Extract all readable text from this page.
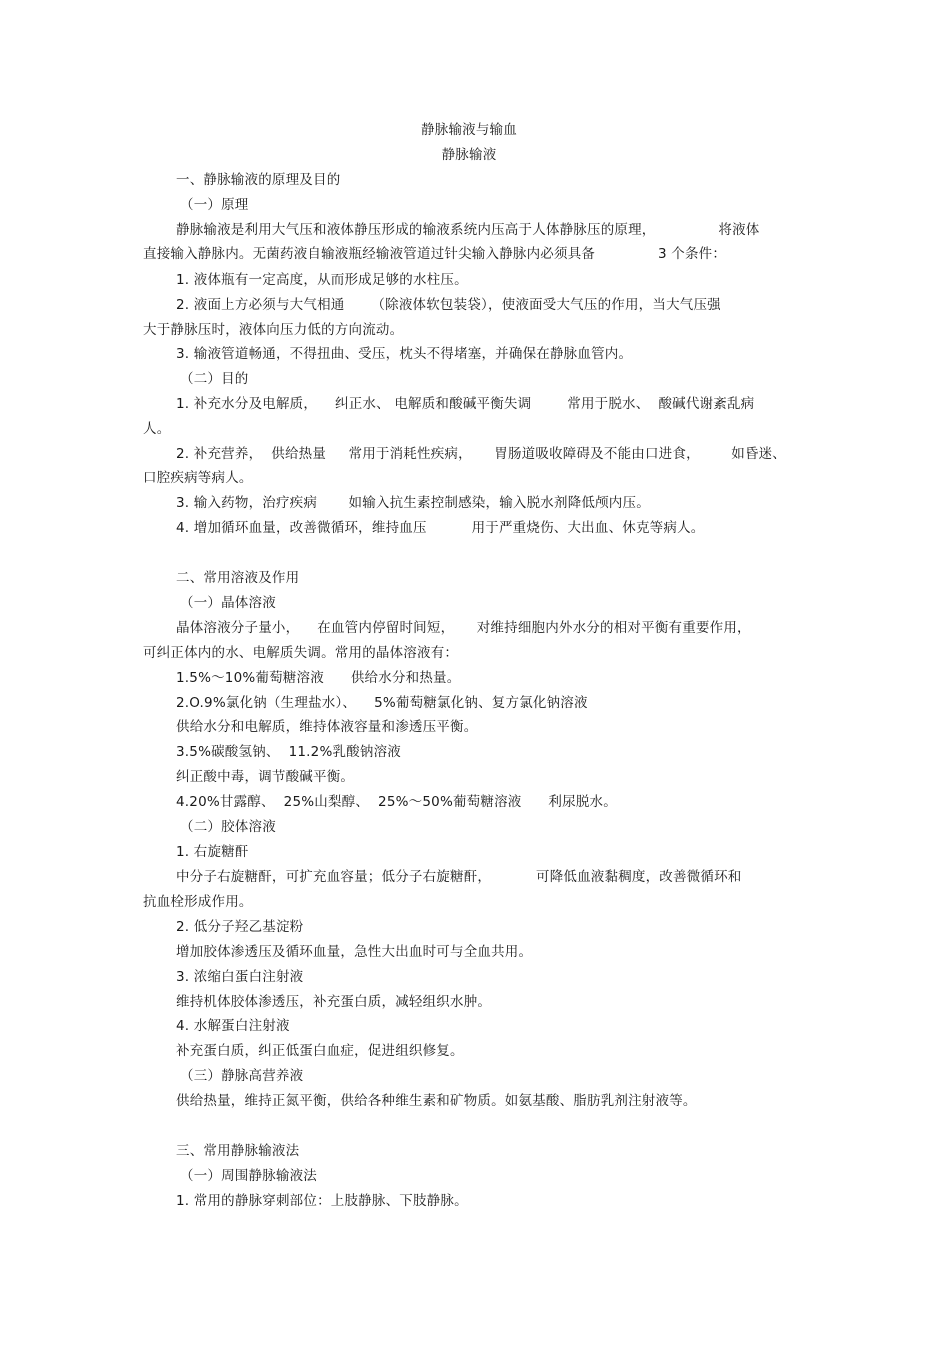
静脉输液与输血
静脉输液
一、静脉输液的原理及目的
（一）原理
静脉输液是利用大气压和液体静压形成的输液系统内压高于人体静脉压的原理，              将液体
直接输入静脉内。无菌药液自输液瓶经输液管道过针尖输入静脉内必须具备              3 个条件：
1. 液体瓶有一定高度，从而形成足够的水柱压。
2. 液面上方必须与大气相通      （除液体软包装袋），使液面受大气压的作用，当大气压强
大于静脉压时，液体向压力低的方向流动。
3. 输液管道畅通，不得扭曲、受压，枕头不得堵塞，并确保在静脉血管内。
（二）目的
1. 补充水分及电解质，    纠正水、 电解质和酸碱平衡失调        常用于脱水、  酸碱代谢紊乱病
人。
2. 补充营养，  供给热量     常用于消耗性疾病，     胃肠道吸收障碍及不能由口进食，       如昏迷、
口腔疾病等病人。
3. 输入药物，治疗疾病       如输入抗生素控制感染，输入脱水剂降低颅内压。
4. 增加循环血量，改善微循环，维持血压          用于严重烧伤、大出血、休克等病人。
二、常用溶液及作用
（一）晶体溶液
晶体溶液分子量小，    在血管内停留时间短，     对维持细胞内外水分的相对平衡有重要作用，
可纠正体内的水、电解质失调。常用的晶体溶液有：
1.5%～10%葡萄糖溶液      供给水分和热量。
2.O.9%氯化钠（生理盐水）、    5%葡萄糖氯化钠、复方氯化钠溶液
供给水分和电解质，维持体液容量和渗透压平衡。
3.5%碳酸氢钠、  11.2%乳酸钠溶液
纠正酸中毒，调节酸碱平衡。
4.20%甘露醇、  25%山梨醇、  25%～50%葡萄糖溶液      利尿脱水。
（二）胶体溶液
1. 右旋糖酐
中分子右旋糖酐，可扩充血容量；低分子右旋糖酐，          可降低血液黏稠度，改善微循环和
抗血栓形成作用。
2. 低分子羟乙基淀粉
增加胶体渗透压及循环血量，急性大出血时可与全血共用。
3. 浓缩白蛋白注射液
维持机体胶体渗透压，补充蛋白质，减轻组织水肿。
4. 水解蛋白注射液
补充蛋白质，纠正低蛋白血症，促进组织修复。
（三）静脉高营养液
供给热量，维持正氮平衡，供给各种维生素和矿物质。如氨基酸、脂肪乳剂注射液等。
三、常用静脉输液法
（一）周围静脉输液法
1. 常用的静脉穿刺部位：上肢静脉、下肢静脉。
